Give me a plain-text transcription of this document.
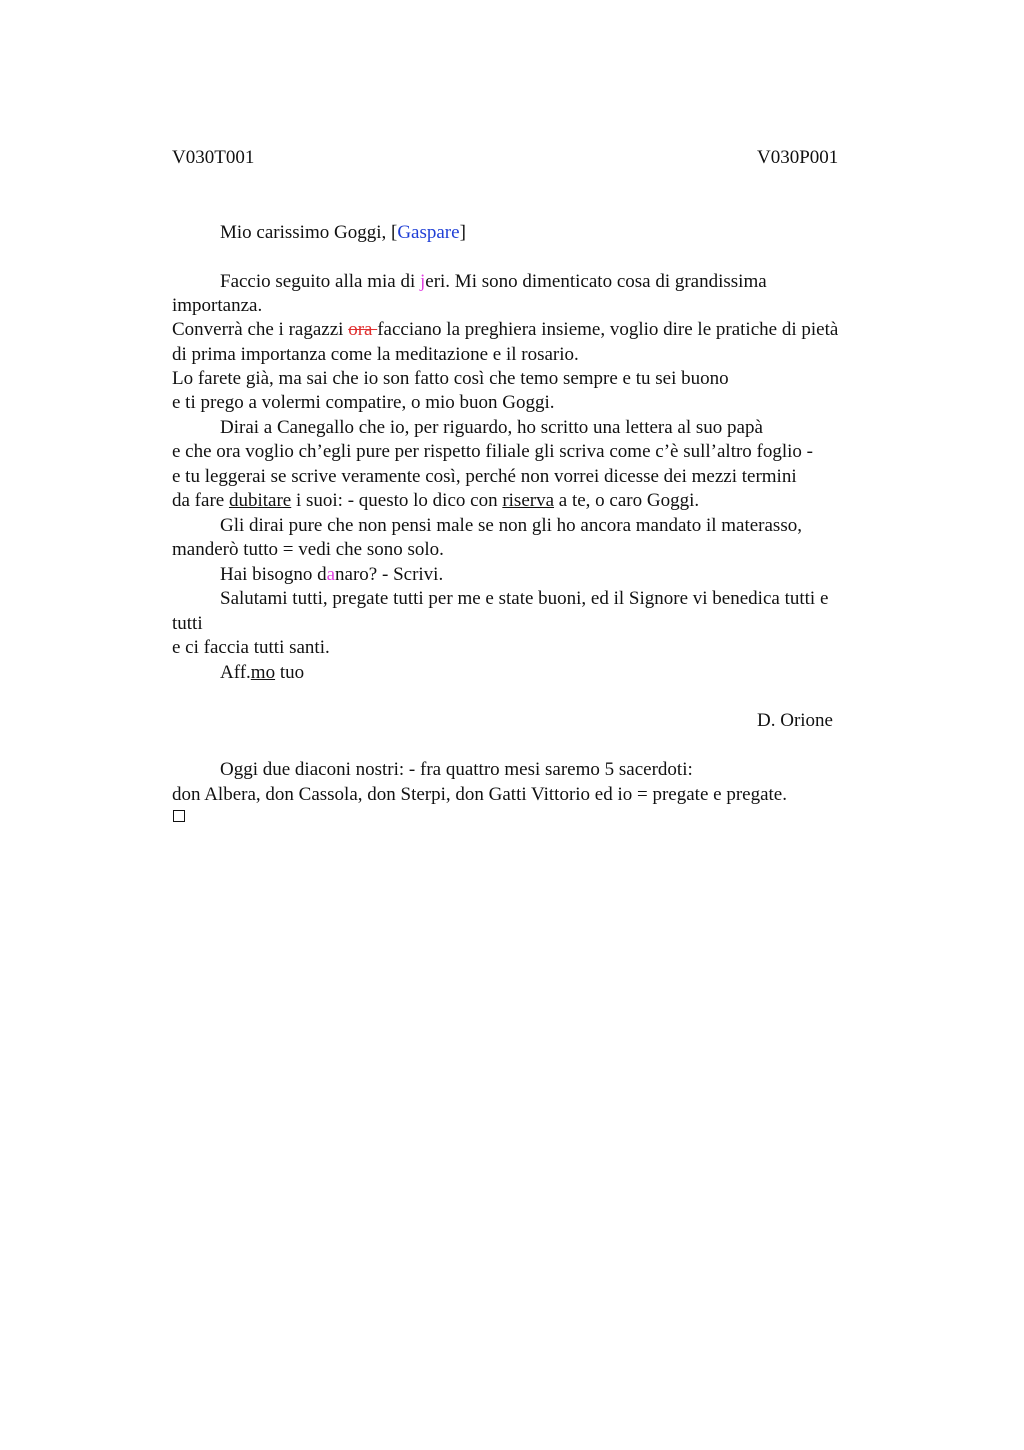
V030T001	V030P001
Mio carissimo Goggi, [Gaspare]
Faccio seguito alla mia di jeri. Mi sono dimenticato cosa di grandissima
importanza.
Converrà che i ragazzi ora facciano la preghiera insieme, voglio dire le pratiche di pietà
di prima importanza come la meditazione e il rosario.
Lo farete già, ma sai che io son fatto così che temo sempre e tu sei buono
e ti prego a volermi compatire, o mio buon Goggi.
Dirai a Canegallo che io, per riguardo, ho scritto una lettera al suo papà
e che ora voglio ch’egli pure per rispetto filiale gli scriva come c’è sull’altro foglio -
e tu leggerai se scrive veramente così, perché non vorrei dicesse dei mezzi termini
da fare dubitare i suoi: - questo lo dico con riserva a te, o caro Goggi.
Gli dirai pure che non pensi male se non gli ho ancora mandato il materasso,
manderò tutto = vedi che sono solo.
Hai bisogno danaro? - Scrivi.
Salutami tutti, pregate tutti per me e state buoni, ed il Signore vi benedica tutti e
tutti
e ci faccia tutti santi.
Aff.mo tuo
D. Orione
Oggi due diaconi nostri: - fra quattro mesi saremo 5 sacerdoti:
don Albera, don Cassola, don Sterpi, don Gatti Vittorio ed io = pregate e pregate.
